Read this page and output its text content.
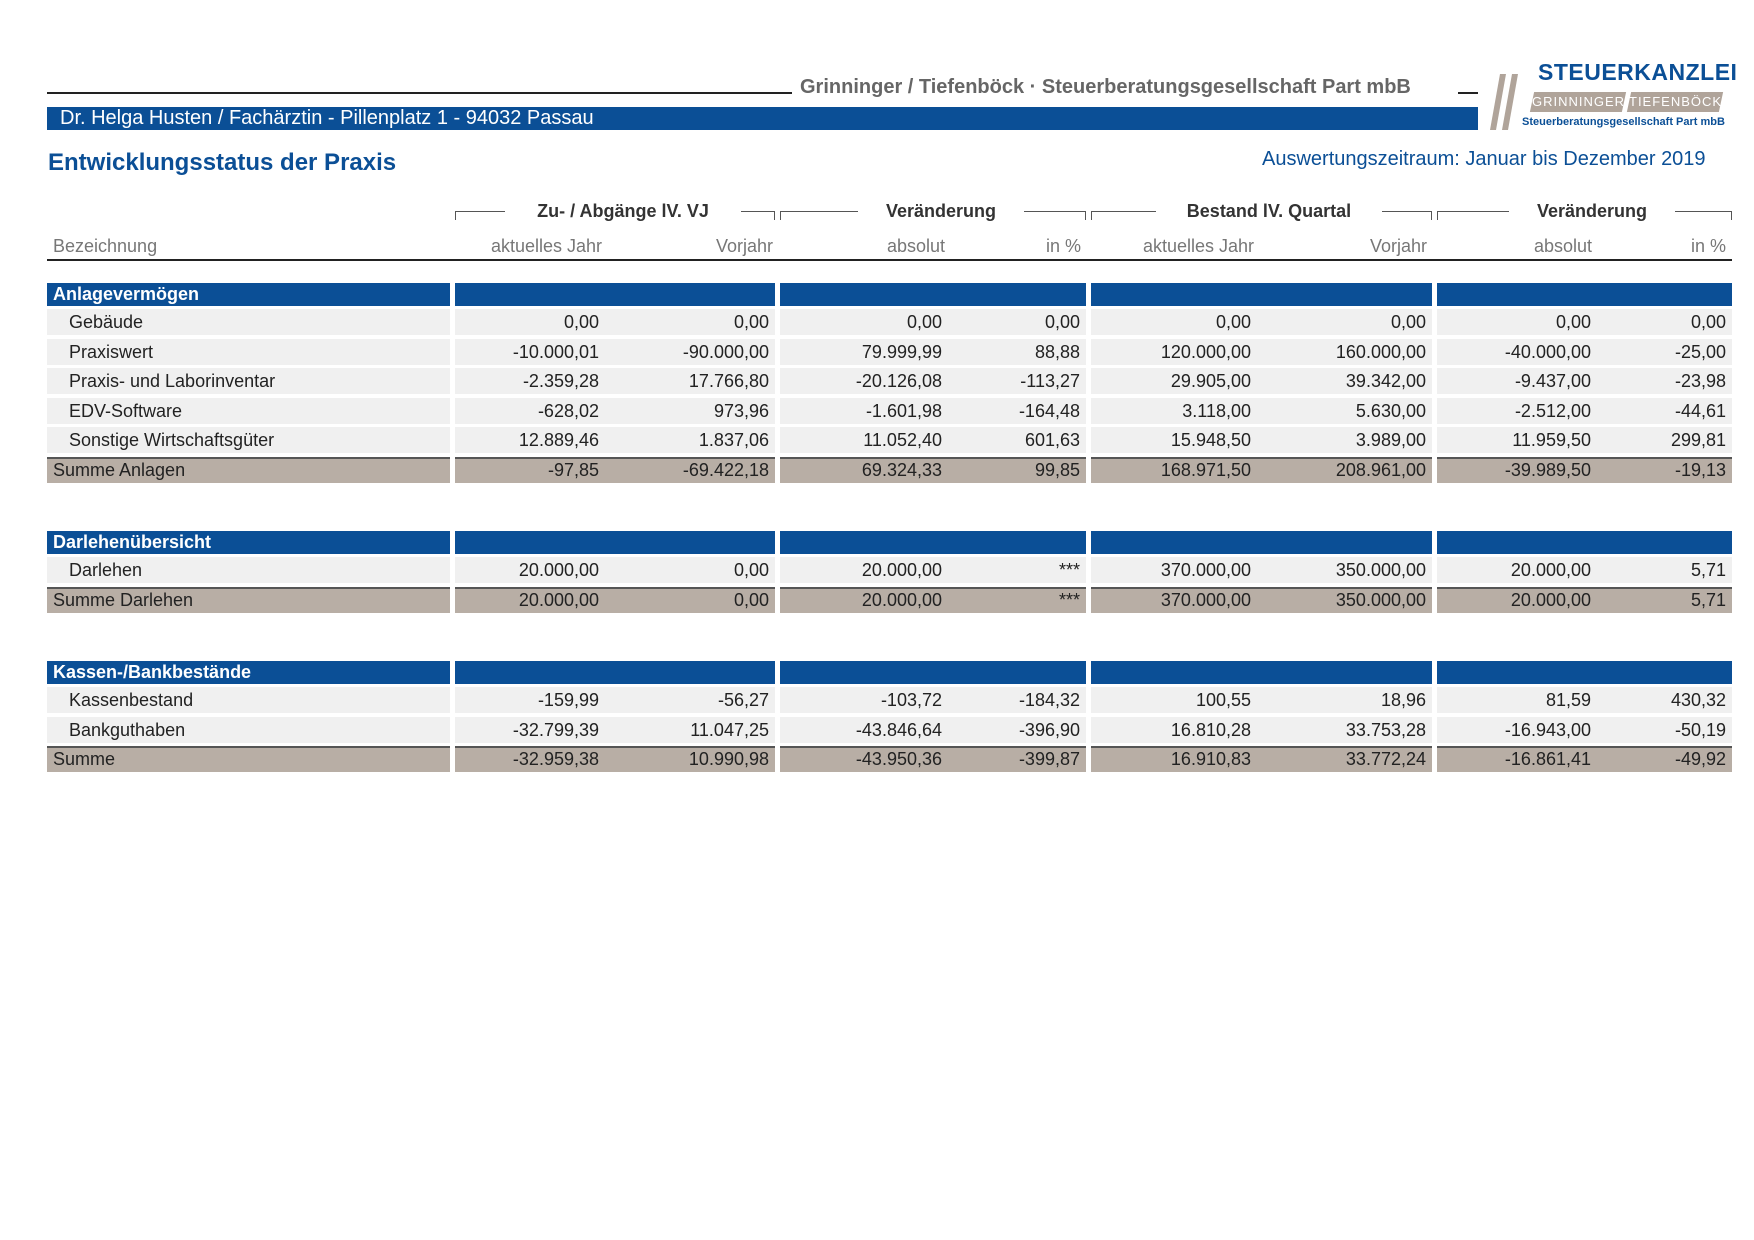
Grinninger / Tiefenböck · Steuerberatungsgesellschaft Part mbB
Dr. Helga Husten / Fachärztin - Pillenplatz 1 - 94032 Passau
STEUERKANZLEI
GRINNINGER TIEFENBÖCK
Steuerberatungsgesellschaft Part mbB
Entwicklungsstatus der Praxis	Auswertungszeitraum: Januar bis Dezember 2019
Zu- / Abgänge lV. VJ	Veränderung	Bestand lV. Quartal	Veränderung
Bezeichnung	aktuelles Jahr	Vorjahr	absolut	in %	aktuelles Jahr	Vorjahr	absolut	in %
Anlagevermögen
Gebäude	0,00	0,00	0,00	0,00	0,00	0,00	0,00	0,00
Praxiswert	-10.000,01	-90.000,00	79.999,99	88,88	120.000,00	160.000,00	-40.000,00	-25,00
Praxis- und Laborinventar	-2.359,28	17.766,80	-20.126,08	-113,27	29.905,00	39.342,00	-9.437,00	-23,98
EDV-Software	-628,02	973,96	-1.601,98	-164,48	3.118,00	5.630,00	-2.512,00	-44,61
Sonstige Wirtschaftsgüter	12.889,46	1.837,06	11.052,40	601,63	15.948,50	3.989,00	11.959,50	299,81
Summe Anlagen	-97,85	-69.422,18	69.324,33	99,85	168.971,50	208.961,00	-39.989,50	-19,13
Darlehenübersicht
Darlehen	20.000,00	0,00	20.000,00	***	370.000,00	350.000,00	20.000,00	5,71
Summe Darlehen	20.000,00	0,00	20.000,00	***	370.000,00	350.000,00	20.000,00	5,71
Kassen-/Bankbestände
Kassenbestand	-159,99	-56,27	-103,72	-184,32	100,55	18,96	81,59	430,32
Bankguthaben	-32.799,39	11.047,25	-43.846,64	-396,90	16.810,28	33.753,28	-16.943,00	-50,19
Summe	-32.959,38	10.990,98	-43.950,36	-399,87	16.910,83	33.772,24	-16.861,41	-49,92
